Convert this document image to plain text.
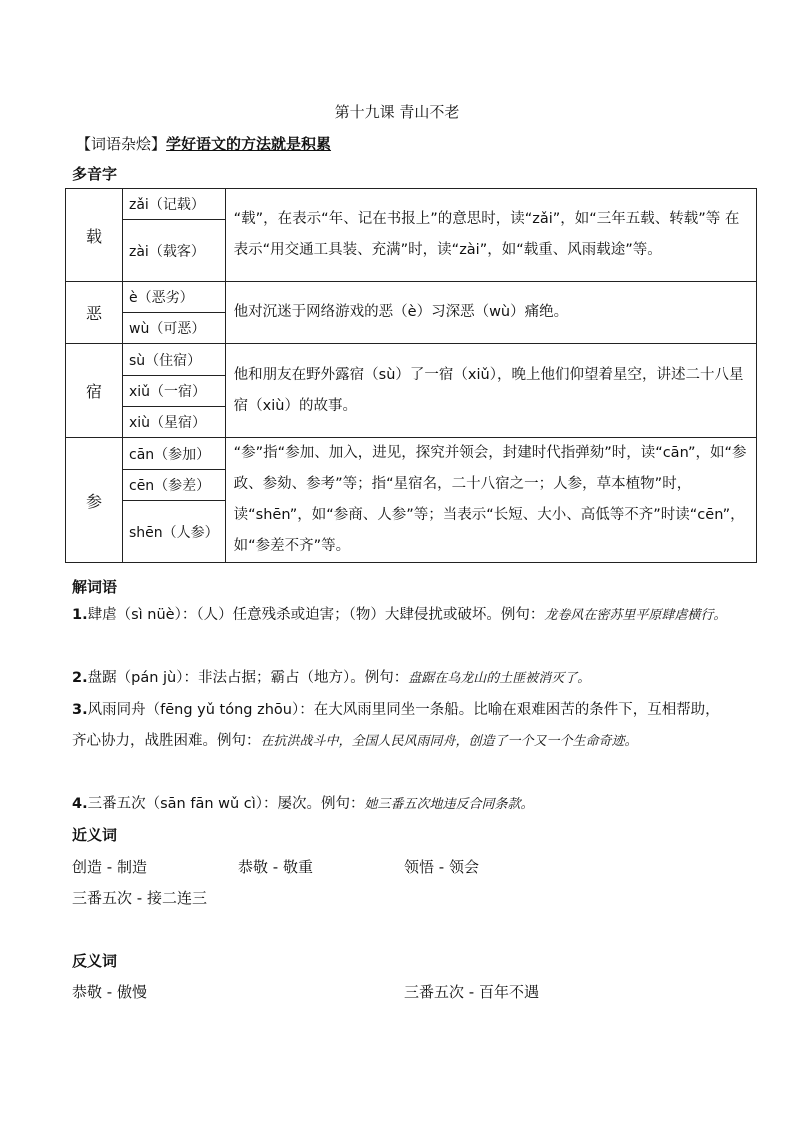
第十九课 青山不老
【词语杂烩】学好语文的方法就是积累
多音字
载	zǎi（记载）	“载”，在表示“年、记在书报上”的意思时，读“zǎi”，如“三年五载、转载”等 在表示“用交通工具装、充满”时，读“zài”，如“载重、风雨载途”等。
	zài（载客）	
恶	è（恶劣）	他对沉迷于网络游戏的恶（è）习深恶（wù）痛绝。
	wù（可恶）	
宿	sù（住宿）	他和朋友在野外露宿（sù）了一宿（xiǔ），晚上他们仰望着星空，讲述二十八星宿（xiù）的故事。
	xiǔ（一宿）	
	xiù（星宿）	
参	cān（参加）	“参”指“参加、加入，进见，探究并领会，封建时代指弹劾”时，读“cān”，如“参政、参劾、参考”等；指“星宿名，二十八宿之一；人参，草本植物”时，读“shēn”，如“参商、人参”等；当表示“长短、大小、高低等不齐”时读“cēn”，如“参差不齐”等。
	cēn（参差）	
	shēn（人参）	
解词语
1.肆虐（sì nüè）：（人）任意残杀或迫害；（物）大肆侵扰或破坏。例句：龙卷风在密苏里平原肆虐横行。
2.盘踞（pán jù）：非法占据；霸占（地方）。例句：盘踞在乌龙山的土匪被消灭了。
3.风雨同舟（fēng yǔ tóng zhōu）：在大风雨里同坐一条船。比喻在艰难困苦的条件下，互相帮助，齐心协力，战胜困难。例句：在抗洪战斗中，全国人民风雨同舟，创造了一个又一个生命奇迹。
4.三番五次（sān fān wǔ cì）：屡次。例句：她三番五次地违反合同条款。
近义词
创造 - 制造	恭敬 - 敬重	领悟 - 领会
三番五次 - 接二连三
反义词
恭敬 - 傲慢	三番五次 - 百年不遇
